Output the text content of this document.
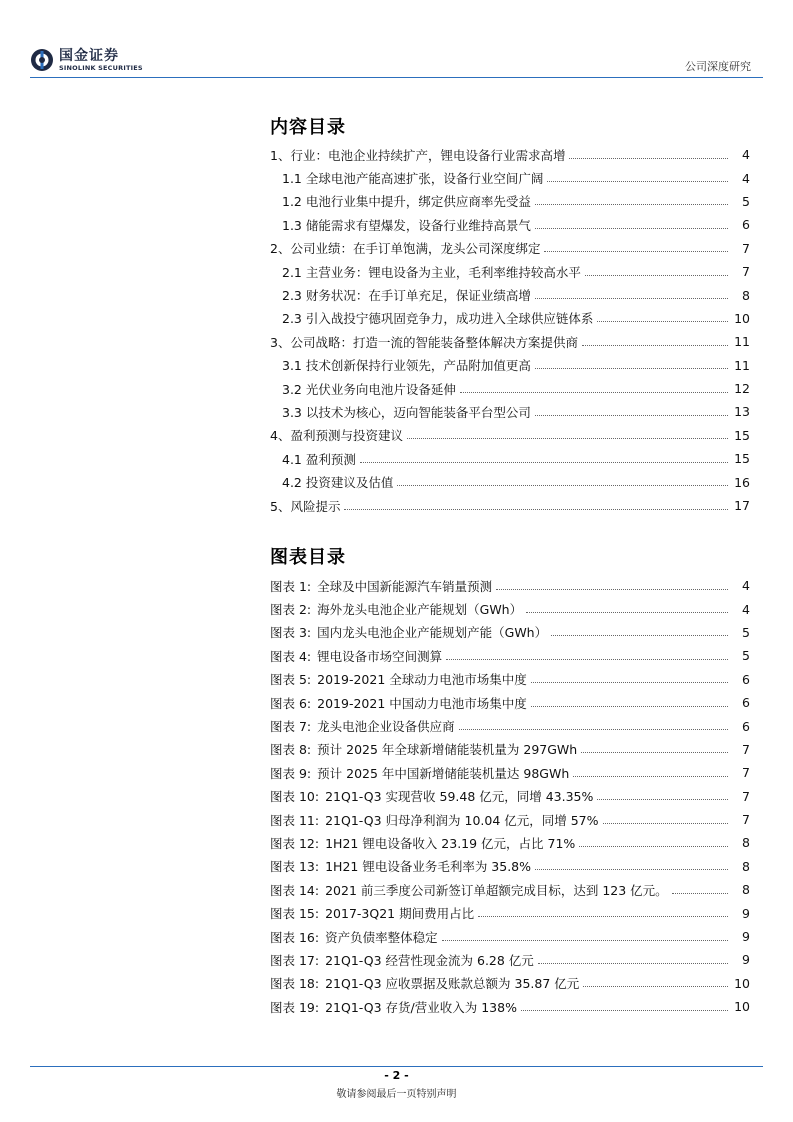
国金证券
SINOLINK SECURITIES	公司深度研究
内容目录
1、行业：电池企业持续扩产，锂电设备行业需求高增	4
1.1 全球电池产能高速扩张，设备行业空间广阔	4
1.2 电池行业集中提升，绑定供应商率先受益	5
1.3 储能需求有望爆发，设备行业维持高景气	6
2、公司业绩：在手订单饱满，龙头公司深度绑定	7
2.1 主营业务：锂电设备为主业，毛利率维持较高水平	7
2.3 财务状况：在手订单充足，保证业绩高增	8
2.3 引入战投宁德巩固竞争力，成功进入全球供应链体系	10
3、公司战略：打造一流的智能装备整体解决方案提供商	11
3.1 技术创新保持行业领先，产品附加值更高	11
3.2 光伏业务向电池片设备延伸	12
3.3 以技术为核心，迈向智能装备平台型公司	13
4、盈利预测与投资建议	15
4.1 盈利预测	15
4.2 投资建议及估值	16
5、风险提示	17
图表目录
图表 1: 全球及中国新能源汽车销量预测	4
图表 2: 海外龙头电池企业产能规划（GWh）	4
图表 3: 国内龙头电池企业产能规划产能（GWh）	5
图表 4: 锂电设备市场空间测算	5
图表 5: 2019-2021 全球动力电池市场集中度	6
图表 6: 2019-2021 中国动力电池市场集中度	6
图表 7: 龙头电池企业设备供应商	6
图表 8: 预计 2025 年全球新增储能装机量为 297GWh	7
图表 9: 预计 2025 年中国新增储能装机量达 98GWh	7
图表 10: 21Q1-Q3 实现营收 59.48 亿元，同增 43.35%	7
图表 11: 21Q1-Q3 归母净利润为 10.04 亿元，同增 57%	7
图表 12: 1H21 锂电设备收入 23.19 亿元，占比 71%	8
图表 13: 1H21 锂电设备业务毛利率为 35.8%	8
图表 14: 2021 前三季度公司新签订单超额完成目标，达到 123 亿元。	8
图表 15: 2017-3Q21 期间费用占比	9
图表 16: 资产负债率整体稳定	9
图表 17: 21Q1-Q3 经营性现金流为 6.28 亿元	9
图表 18: 21Q1-Q3 应收票据及账款总额为 35.87 亿元	10
图表 19: 21Q1-Q3 存货/营业收入为 138%	10
- 2 -
敬请参阅最后一页特别声明
